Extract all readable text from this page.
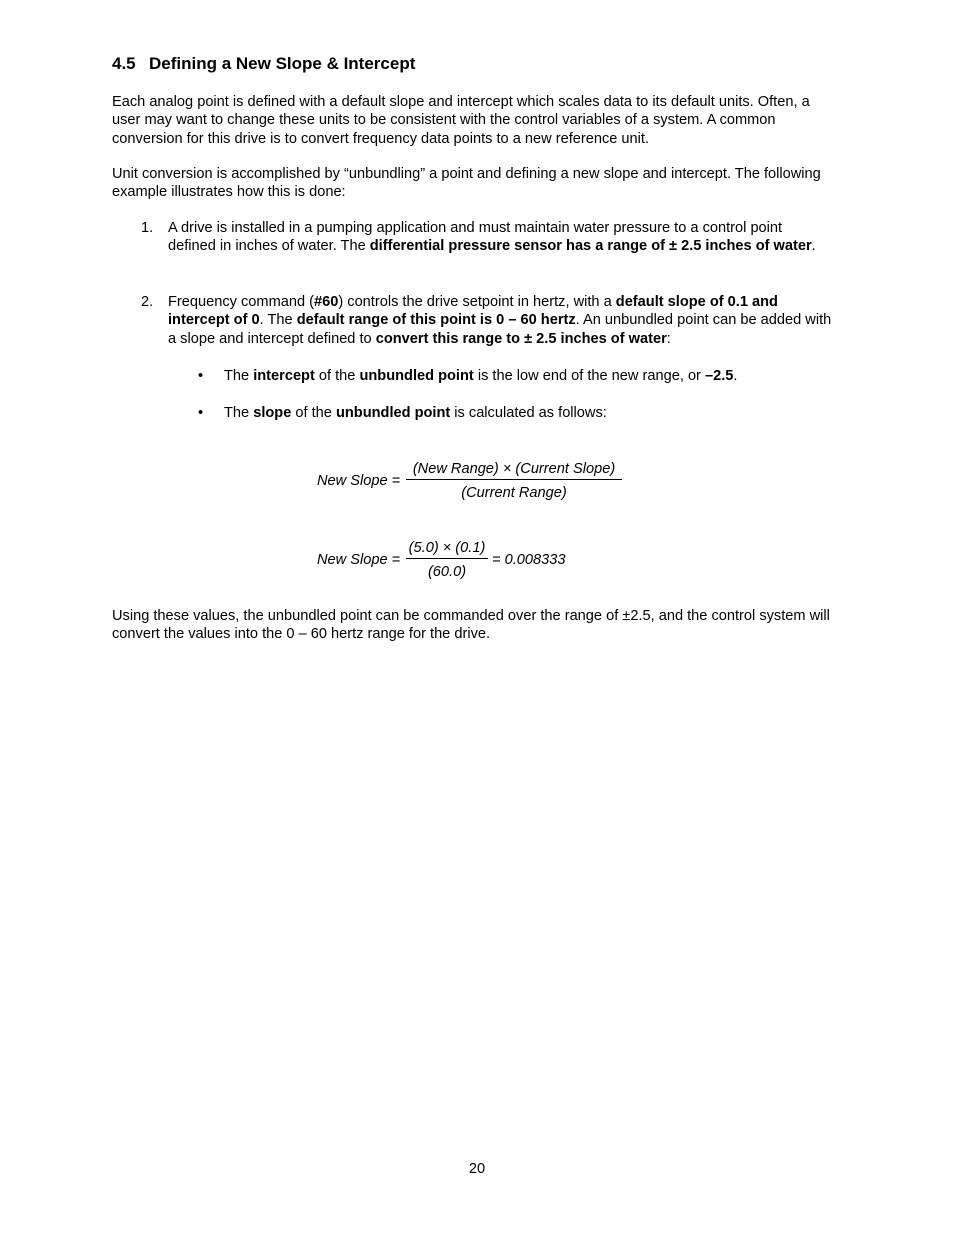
4.5 Defining a New Slope & Intercept

Each analog point is defined with a default slope and intercept which scales data to its default units. Often, a user may want to change these units to be consistent with the control variables of a system. A common conversion for this drive is to convert frequency data points to a new reference unit.

Unit conversion is accomplished by “unbundling” a point and defining a new slope and intercept. The following example illustrates how this is done:

1. A drive is installed in a pumping application and must maintain water pressure to a control point defined in inches of water. The differential pressure sensor has a range of ± 2.5 inches of water.

2. Frequency command (#60) controls the drive setpoint in hertz, with a default slope of 0.1 and intercept of 0. The default range of this point is 0 – 60 hertz. An unbundled point can be added with a slope and intercept defined to convert this range to ± 2.5 inches of water:

• The intercept of the unbundled point is the low end of the new range, or –2.5.

• The slope of the unbundled point is calculated as follows:

New Slope =
(New Range) × (Current Slope)
(Current Range)
New Slope = $\frac{(5.0) \times (0.1)}{(60.0)} = 0.008333$

Using these values, the unbundled point can be commanded over the range of ±2.5, and the control system will convert the values into the 0 – 60 hertz range for the drive.

20
